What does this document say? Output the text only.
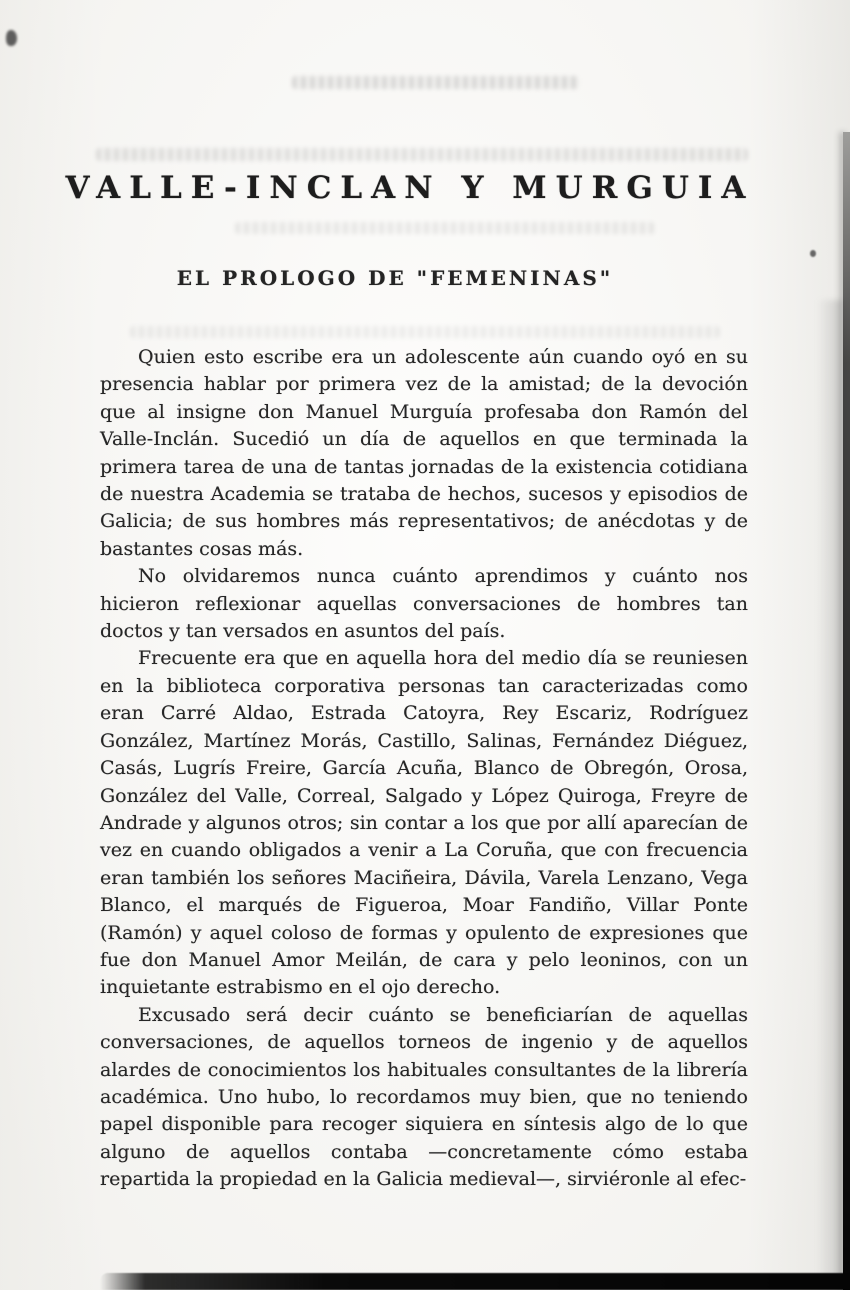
VALLE-INCLAN Y MURGUIA
EL PROLOGO DE "FEMENINAS"

Quien esto escribe era un adolescente aún cuando oyó en su presencia hablar por primera vez de la amistad; de la devoción que al insigne don Manuel Murguía profesaba don Ramón del Valle-Inclán. Sucedió un día de aquellos en que terminada la primera tarea de una de tantas jornadas de la existencia cotidiana de nuestra Academia se trataba de hechos, sucesos y episodios de Galicia; de sus hombres más representativos; de anécdotas y de bastantes cosas más.

No olvidaremos nunca cuánto aprendimos y cuánto nos hicieron reflexionar aquellas conversaciones de hombres tan doctos y tan versados en asuntos del país.

Frecuente era que en aquella hora del medio día se reuniesen en la biblioteca corporativa personas tan caracterizadas como eran Carré Aldao, Estrada Catoyra, Rey Escariz, Rodríguez González, Martínez Morás, Castillo, Salinas, Fernández Diéguez, Casás, Lugrís Freire, García Acuña, Blanco de Obregón, Orosa, González del Valle, Correal, Salgado y López Quiroga, Freyre de Andrade y algunos otros; sin contar a los que por allí aparecían de vez en cuando obligados a venir a La Coruña, que con frecuencia eran también los señores Maciñeira, Dávila, Varela Lenzano, Vega Blanco, el marqués de Figueroa, Moar Fandiño, Villar Ponte (Ramón) y aquel coloso de formas y opulento de expresiones que fue don Manuel Amor Meilán, de cara y pelo leoninos, con un inquietante estrabismo en el ojo derecho.

Excusado será decir cuánto se beneficiarían de aquellas conversaciones, de aquellos torneos de ingenio y de aquellos alardes de conocimientos los habituales consultantes de la librería académica. Uno hubo, lo recordamos muy bien, que no teniendo papel disponible para recoger siquiera en síntesis algo de lo que alguno de aquellos contaba —concretamente cómo estaba repartida la propiedad en la Galicia medieval—, sirviéronle al efec-
